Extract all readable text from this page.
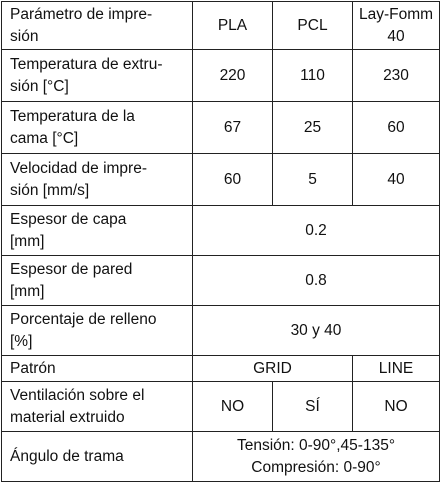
Parámetro de impre-
sión	PLA	PCL	Lay-Fomm
40
Temperatura de extru-
sión [°C]	220	110	230
Temperatura de la
cama [°C]	67	25	60
Velocidad de impre-
sión [mm/s]	60	5	40
Espesor de capa
[mm]	0.2		
Espesor de pared
[mm]	0.8		
Porcentaje de relleno
[%]	30 y 40		
Patrón	GRID		LINE
Ventilación sobre el
material extruido	NO	SÍ	NO
Ángulo de trama	Tensión: 0-90°,45-135°
Compresión: 0-90°		
